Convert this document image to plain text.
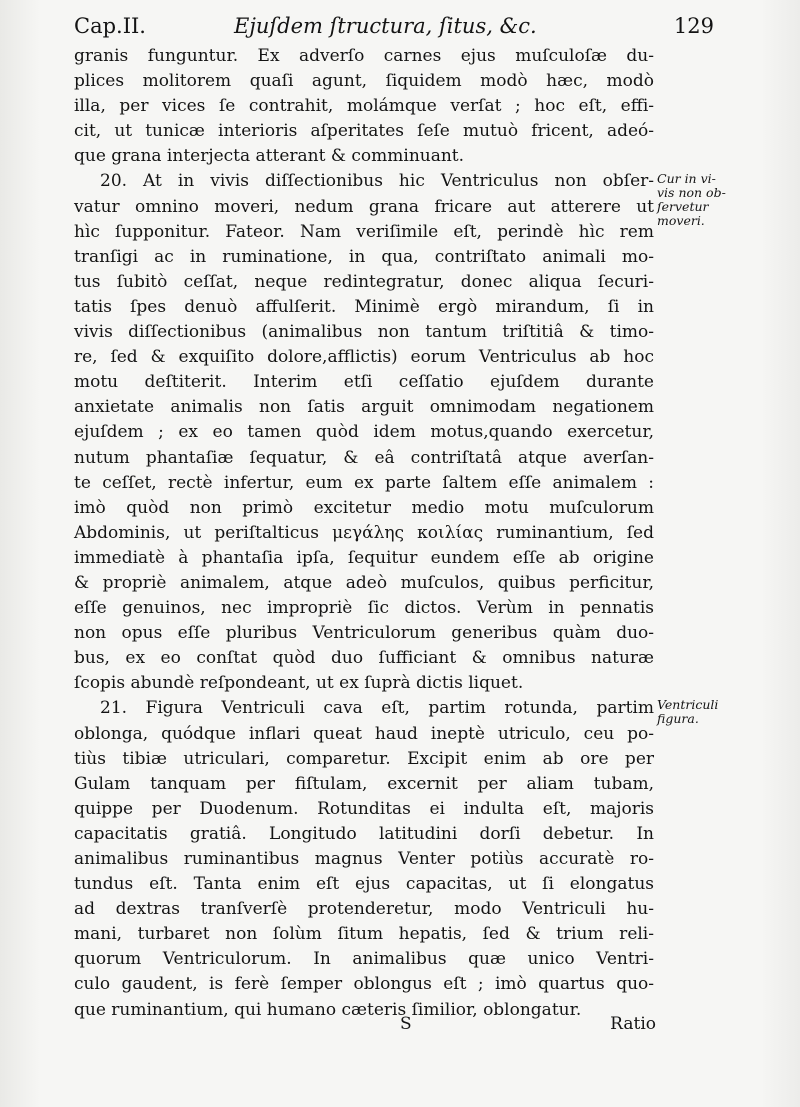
Cap.II.	Ejuſdem ſtructura, ſitus, &c.	129
granis funguntur. Ex adverſo carnes ejus muſculoſæ du-
plices molitorem quaſi agunt, ſiquidem modò hæc, modò
illa, per vices ſe contrahit, molámque verſat ; hoc eſt, effi-
cit, ut tunicæ interioris aſperitates ſeſe mutuò fricent, adeó-
que grana interjecta atterant & comminuant.
20. At in vivis diſſectionibus hic Ventriculus non obſer-
vatur omnino moveri, nedum grana fricare aut atterere ut
hìc ſupponitur. Fateor. Nam veriſimile eſt, perindè hìc rem
tranſigi ac in ruminatione, in qua, contriſtato animali mo-
tus ſubitò ceſſat, neque redintegratur, donec aliqua ſecuri-
tatis ſpes denuò affulſerit. Minimè ergò mirandum, ſi in
vivis diſſectionibus (animalibus non tantum triſtitiâ & timo-
re, ſed & exquiſito dolore,afflictis) eorum Ventriculus ab hoc
motu deſtiterit. Interim etſi ceſſatio ejuſdem durante
anxietate animalis non ſatis arguit omnimodam negationem
ejuſdem ; ex eo tamen quòd idem motus,quando exercetur,
nutum phantaſiæ ſequatur, & eâ contriſtatâ atque averſan-
te ceſſet, rectè infertur, eum ex parte ſaltem eſſe animalem :
imò quòd non primò excitetur medio motu muſculorum
Abdominis, ut periſtalticus μεγάλης κοιλίας ruminantium, ſed
immediatè à phantaſia ipſa, ſequitur eundem eſſe ab origine
& propriè animalem, atque adeò muſculos, quibus perficitur,
eſſe genuinos, nec impropriè ſic dictos. Verùm in pennatis
non opus eſſe pluribus Ventriculorum generibus quàm duo-
bus, ex eo conſtat quòd duo ſufficiant & omnibus naturæ
ſcopis abundè reſpondeant, ut ex ſuprà dictis liquet.
21. Figura Ventriculi cava eſt, partim rotunda, partim
oblonga, quódque inflari queat haud ineptè utriculo, ceu po-
tiùs tibiæ utriculari, comparetur. Excipit enim ab ore per
Gulam tanquam per fiſtulam, excernit per aliam tubam,
quippe per Duodenum. Rotunditas ei indulta eſt, majoris
capacitatis gratiâ. Longitudo latitudini dorſi debetur. In
animalibus ruminantibus magnus Venter potiùs accuratè ro-
tundus eſt. Tanta enim eſt ejus capacitas, ut ſi elongatus
ad dextras tranſverſè protenderetur, modo Ventriculi hu-
mani, turbaret non ſolùm ſitum hepatis, ſed & trium reli-
quorum Ventriculorum. In animalibus quæ unico Ventri-
culo gaudent, is ferè ſemper oblongus eſt ; imò quartus quo-
que ruminantium, qui humano cæteris ſimilior, oblongatur.
Cur in vi-
vis non ob-
ſervetur
moveri.
Ventriculi
figura.
S	Ratio
